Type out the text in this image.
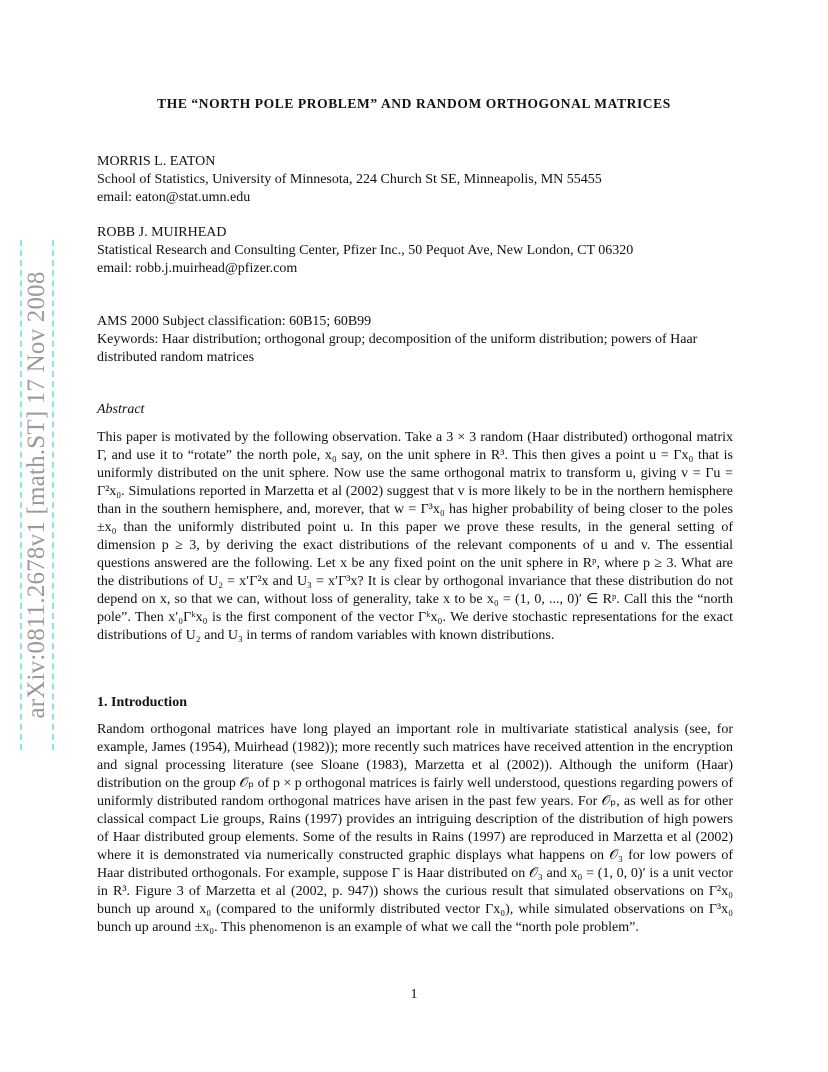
arXiv:0811.2678v1 [math.ST] 17 Nov 2008
THE “NORTH POLE PROBLEM” AND RANDOM ORTHOGONAL MATRICES
MORRIS L. EATON
School of Statistics, University of Minnesota, 224 Church St SE, Minneapolis, MN 55455
email: eaton@stat.umn.edu
ROBB J. MUIRHEAD
Statistical Research and Consulting Center, Pfizer Inc., 50 Pequot Ave, New London, CT 06320
email: robb.j.muirhead@pfizer.com
AMS 2000 Subject classification: 60B15; 60B99
Keywords: Haar distribution; orthogonal group; decomposition of the uniform distribution; powers of Haar distributed random matrices
Abstract
This paper is motivated by the following observation. Take a 3 × 3 random (Haar distributed) orthogonal matrix Γ, and use it to “rotate” the north pole, x₀ say, on the unit sphere in R³. This then gives a point u = Γx₀ that is uniformly distributed on the unit sphere. Now use the same orthogonal matrix to transform u, giving v = Γu = Γ²x₀. Simulations reported in Marzetta et al (2002) suggest that v is more likely to be in the northern hemisphere than in the southern hemisphere, and, morever, that w = Γ³x₀ has higher probability of being closer to the poles ±x₀ than the uniformly distributed point u. In this paper we prove these results, in the general setting of dimension p ≥ 3, by deriving the exact distributions of the relevant components of u and v. The essential questions answered are the following. Let x be any fixed point on the unit sphere in Rᵖ, where p ≥ 3. What are the distributions of U₂ = x′Γ²x and U₃ = x′Γ³x? It is clear by orthogonal invariance that these distribution do not depend on x, so that we can, without loss of generality, take x to be x₀ = (1, 0, ..., 0)′ ∈ Rᵖ. Call this the “north pole”. Then x′₀Γᵏx₀ is the first component of the vector Γᵏx₀. We derive stochastic representations for the exact distributions of U₂ and U₃ in terms of random variables with known distributions.
1. Introduction
Random orthogonal matrices have long played an important role in multivariate statistical analysis (see, for example, James (1954), Muirhead (1982)); more recently such matrices have received attention in the encryption and signal processing literature (see Sloane (1983), Marzetta et al (2002)). Although the uniform (Haar) distribution on the group 𝒪ₚ of p × p orthogonal matrices is fairly well understood, questions regarding powers of uniformly distributed random orthogonal matrices have arisen in the past few years. For 𝒪ₚ, as well as for other classical compact Lie groups, Rains (1997) provides an intriguing description of the distribution of high powers of Haar distributed group elements. Some of the results in Rains (1997) are reproduced in Marzetta et al (2002) where it is demonstrated via numerically constructed graphic displays what happens on 𝒪₃ for low powers of Haar distributed orthogonals. For example, suppose Γ is Haar distributed on 𝒪₃ and x₀ = (1, 0, 0)′ is a unit vector in R³. Figure 3 of Marzetta et al (2002, p. 947)) shows the curious result that simulated observations on Γ²x₀ bunch up around x₀ (compared to the uniformly distributed vector Γx₀), while simulated observations on Γ³x₀ bunch up around ±x₀. This phenomenon is an example of what we call the “north pole problem”.
1
